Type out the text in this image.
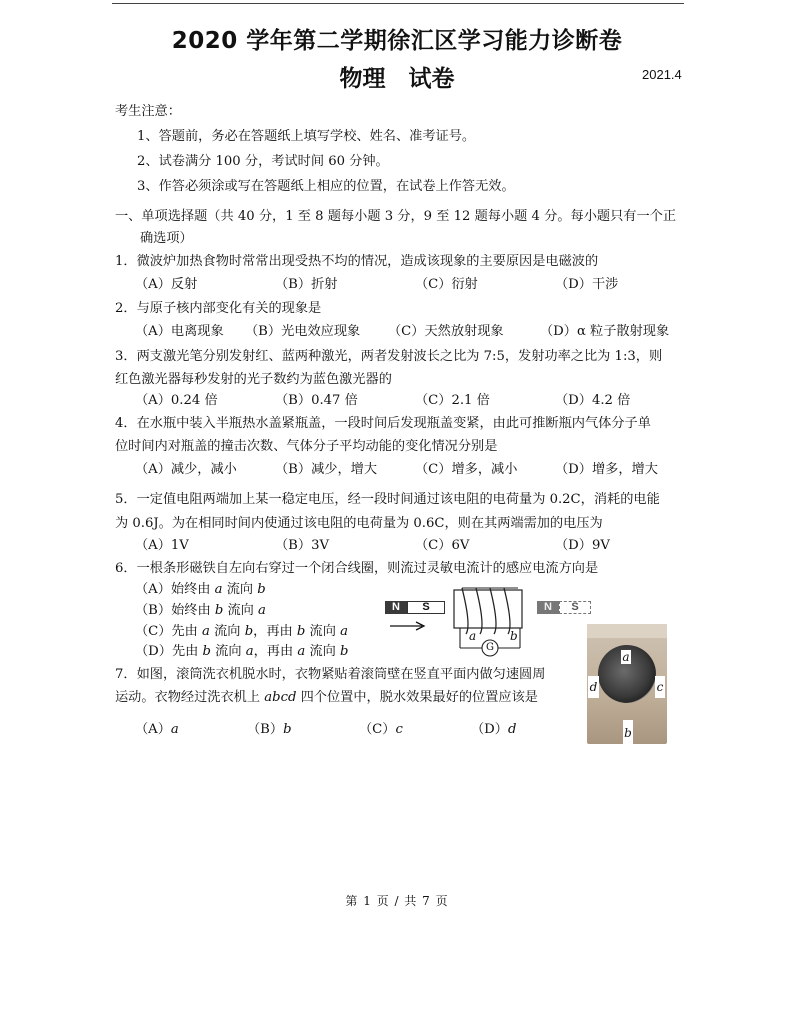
2020 学年第二学期徐汇区学习能力诊断卷
物理　试卷	2021.4
考生注意：
1、答题前，务必在答题纸上填写学校、姓名、准考证号。
2、试卷满分 100 分，考试时间 60 分钟。
3、作答必须涂或写在答题纸上相应的位置，在试卷上作答无效。
一、单项选择题（共 40 分，1 至 8 题每小题 3 分，9 至 12 题每小题 4 分。每小题只有一个正
确选项）
1．微波炉加热食物时常常出现受热不均的情况，造成该现象的主要原因是电磁波的
（A）反射	（B）折射	（C）衍射	（D）干涉
2．与原子核内部变化有关的现象是
（A）电离现象 （B）光电效应现象 （C）天然放射现象	（D）α 粒子散射现象
3．两支激光笔分别发射红、蓝两种激光，两者发射波长之比为 7:5，发射功率之比为 1:3，则
红色激光器每秒发射的光子数约为蓝色激光器的
（A）0.24 倍	（B）0.47 倍	（C）2.1 倍	（D）4.2 倍
4．在水瓶中装入半瓶热水盖紧瓶盖，一段时间后发现瓶盖变紧，由此可推断瓶内气体分子单
位时间内对瓶盖的撞击次数、气体分子平均动能的变化情况分别是
（A）减少，减小	（B）减少，增大	（C）增多，减小	（D）增多，增大
5．一定值电阻两端加上某一稳定电压，经一段时间通过该电阻的电荷量为 0.2C，消耗的电能
为 0.6J。为在相同时间内使通过该电阻的电荷量为 0.6C，则在其两端需加的电压为
（A）1V	（B）3V	（C）6V	（D）9V
6．一根条形磁铁自左向右穿过一个闭合线圈，则流过灵敏电流计的感应电流方向是
（A）始终由 a 流向 b
（B）始终由 b 流向 a
（C）先由 a 流向 b，再由 b 流向 a
（D）先由 b 流向 a，再由 a 流向 b
N	S
a	b
G
N	S
7．如图，滚筒洗衣机脱水时，衣物紧贴着滚筒壁在竖直平面内做匀速圆周
运动。衣物经过洗衣机上 abcd 四个位置中，脱水效果最好的位置应该是
（A）a	（B）b	（C）c	（D）d
a
b
c
d
第 1 页 / 共 7 页
